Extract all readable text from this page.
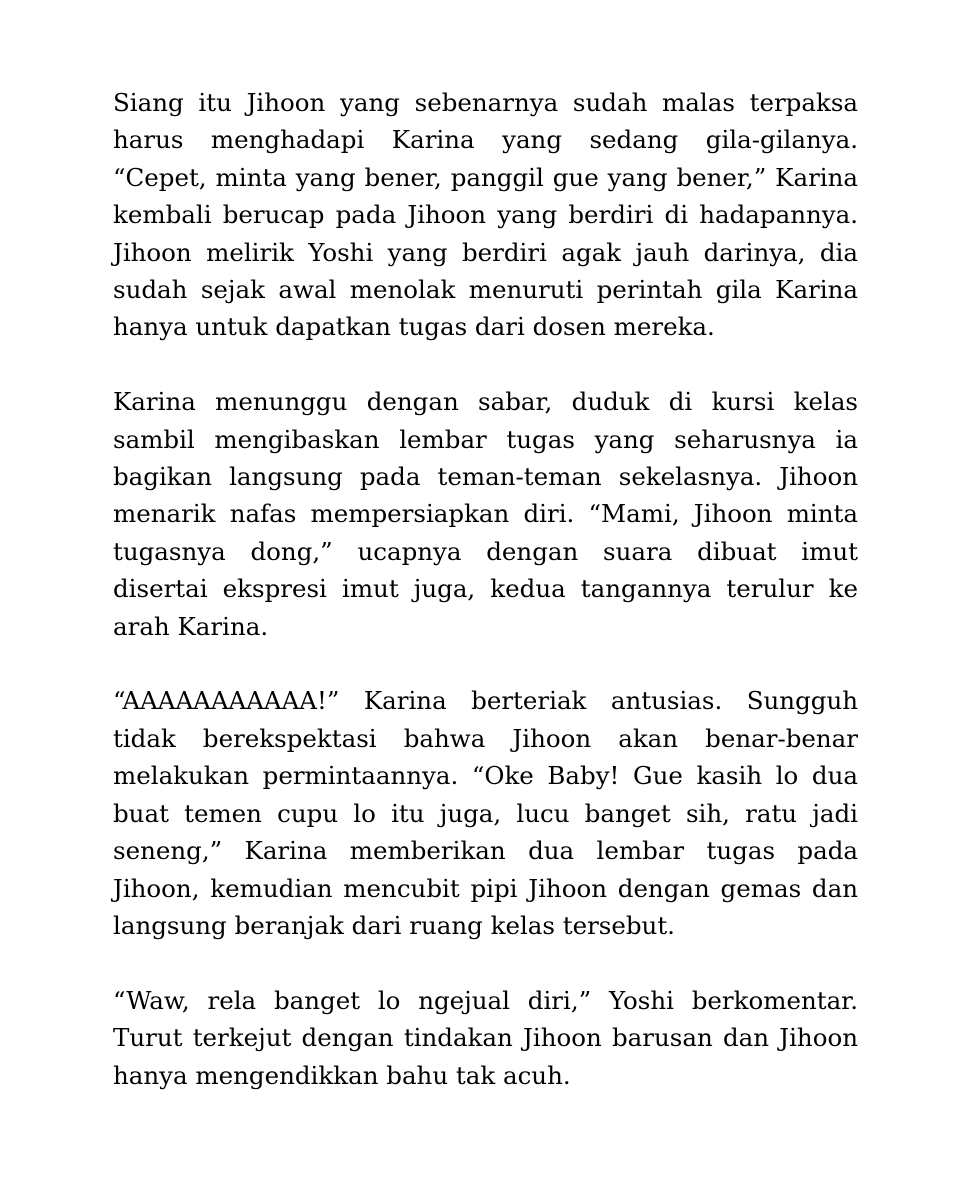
Siang itu Jihoon yang sebenarnya sudah malas terpaksa harus menghadapi Karina yang sedang gila-gilanya. “Cepet, minta yang bener, panggil gue yang bener,” Karina kembali berucap pada Jihoon yang berdiri di hadapannya. Jihoon melirik Yoshi yang berdiri agak jauh darinya, dia sudah sejak awal menolak menuruti perintah gila Karina hanya untuk dapatkan tugas dari dosen mereka.

Karina menunggu dengan sabar, duduk di kursi kelas sambil mengibaskan lembar tugas yang seharusnya ia bagikan langsung pada teman-teman sekelasnya. Jihoon menarik nafas mempersiapkan diri. “Mami, Jihoon minta tugasnya dong,” ucapnya dengan suara dibuat imut disertai ekspresi imut juga, kedua tangannya terulur ke arah Karina.

“AAAAAAAAAAA!” Karina berteriak antusias. Sungguh tidak berekspektasi bahwa Jihoon akan benar-benar melakukan permintaannya. “Oke Baby! Gue kasih lo dua buat temen cupu lo itu juga, lucu banget sih, ratu jadi seneng,” Karina memberikan dua lembar tugas pada Jihoon, kemudian mencubit pipi Jihoon dengan gemas dan langsung beranjak dari ruang kelas tersebut.

“Waw, rela banget lo ngejual diri,” Yoshi berkomentar. Turut terkejut dengan tindakan Jihoon barusan dan Jihoon hanya mengendikkan bahu tak acuh.
